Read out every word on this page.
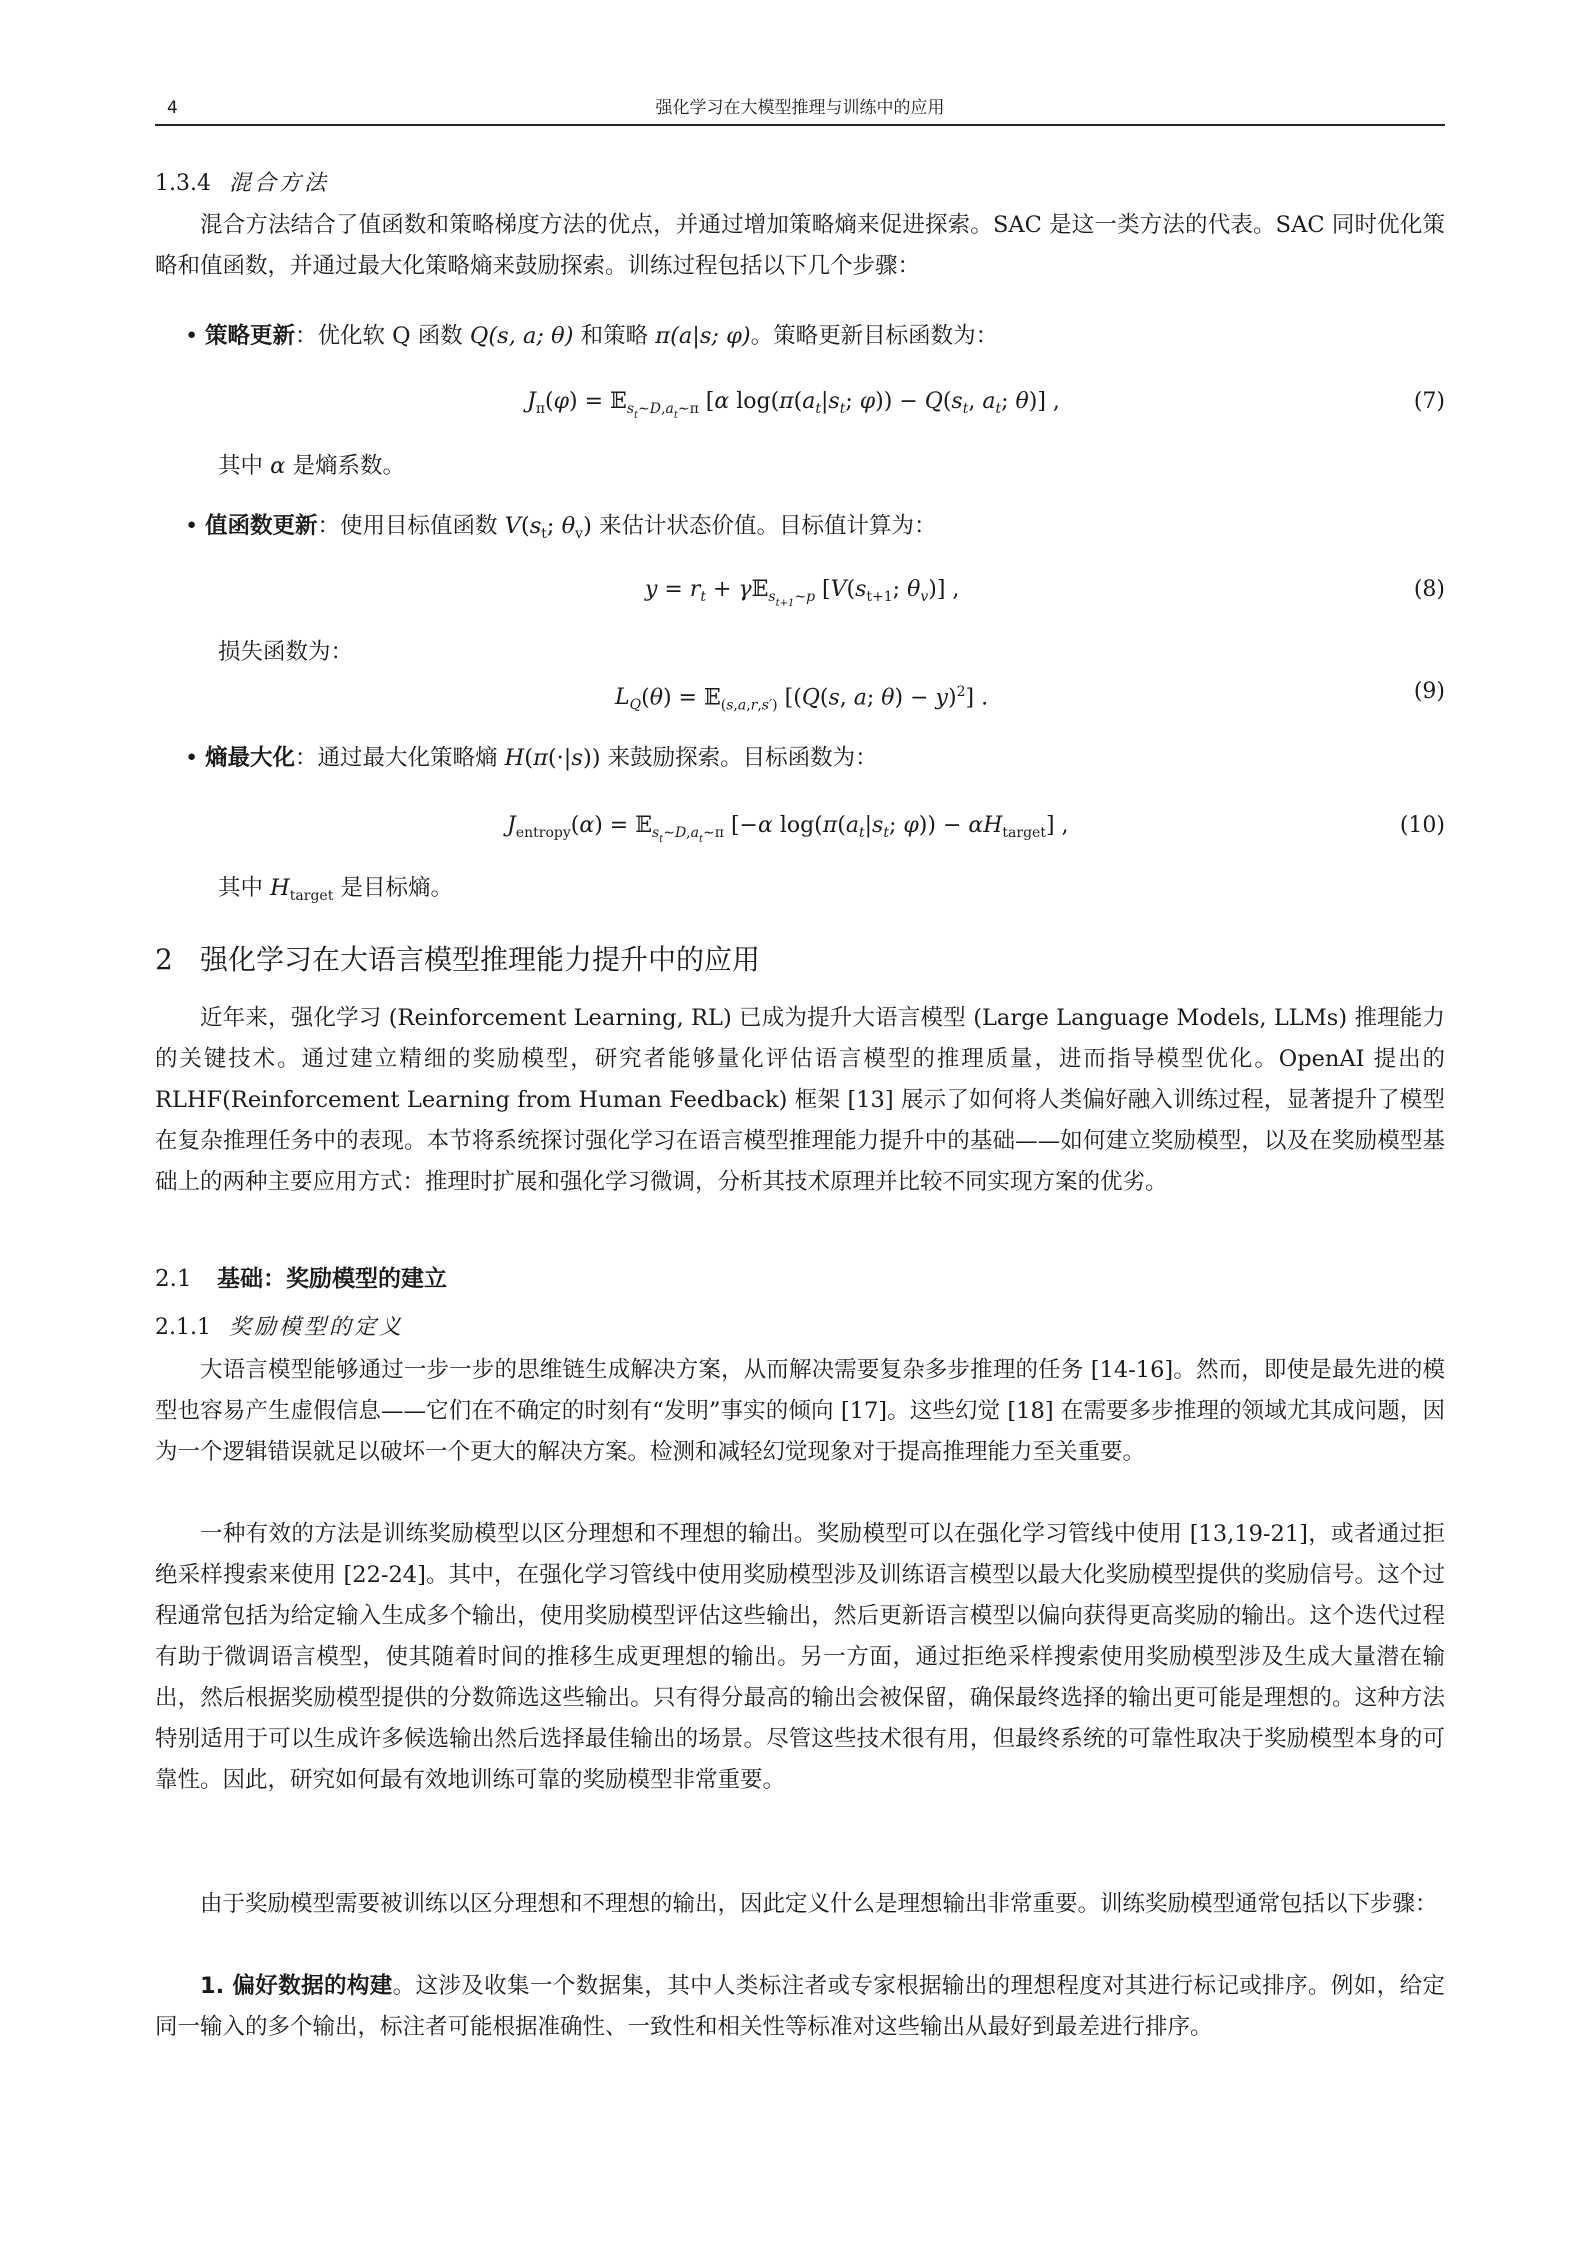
4	强化学习在大模型推理与训练中的应用
1.3.4 混合方法

混合方法结合了值函数和策略梯度方法的优点，并通过增加策略熵来促进探索。SAC 是这一类方法的代表。SAC 同时优化策略和值函数，并通过最大化策略熵来鼓励探索。训练过程包括以下几个步骤：

• 策略更新：优化软 Q 函数 Q(s, a; θ) 和策略 π(a|s; φ)。策略更新目标函数为：
$J_\pi(\varphi)$ = 𝔼$_{s_t\sim D,a_t\sim\pi}$ [α $\log(\pi(a_t|s_t$; $\varphi)) - Q(s_t$, $a_t$; θ)] ,	(7)
其中 α 是熵系数。
• 值函数更新：使用目标值函数 $V(s_t$; $\theta_v$) 来估计状态价值。目标值计算为：
$y = r_t$ + γ𝔼$_{s_{t+1}\sim p}$ [$V(s_{t+1}$; $\theta_v$)] ,	(8)
损失函数为：
$L_Q(\theta)$ = 𝔼$_{(s,a,r,s')}$ [(Q(s, a; θ) − y)$^2$] .	(9)
• 熵最大化：通过最大化策略熵 H(π(·|s)) 来鼓励探索。目标函数为：
$J_{entropy}(\alpha)$ = 𝔼$_{s_t\sim D,a_t\sim\pi}$ [−α $\log(\pi(a_t|s_t$; $\varphi)) - \alpha H_{target}$] ,	(10)
其中 $H_{target}$ 是目标熵。
2 强化学习在大语言模型推理能力提升中的应用

近年来，强化学习 (Reinforcement Learning, RL) 已成为提升大语言模型 (Large Language Models, LLMs) 推理能力的关键技术。通过建立精细的奖励模型，研究者能够量化评估语言模型的推理质量，进而指导模型优化。OpenAI 提出的 RLHF(Reinforcement Learning from Human Feedback) 框架 [13] 展示了如何将人类偏好融入训练过程，显著提升了模型在复杂推理任务中的表现。本节将系统探讨强化学习在语言模型推理能力提升中的基础——如何建立奖励模型，以及在奖励模型基础上的两种主要应用方式：推理时扩展和强化学习微调，分析其技术原理并比较不同实现方案的优劣。

2.1 基础：奖励模型的建立
2.1.1 奖励模型的定义

大语言模型能够通过一步一步的思维链生成解决方案，从而解决需要复杂多步推理的任务 [14-16]。然而，即使是最先进的模型也容易产生虚假信息——它们在不确定的时刻有“发明”事实的倾向 [17]。这些幻觉 [18] 在需要多步推理的领域尤其成问题，因为一个逻辑错误就足以破坏一个更大的解决方案。检测和减轻幻觉现象对于提高推理能力至关重要。

一种有效的方法是训练奖励模型以区分理想和不理想的输出。奖励模型可以在强化学习管线中使用 [13,19-21]，或者通过拒绝采样搜索来使用 [22-24]。其中，在强化学习管线中使用奖励模型涉及训练语言模型以最大化奖励模型提供的奖励信号。这个过程通常包括为给定输入生成多个输出，使用奖励模型评估这些输出，然后更新语言模型以偏向获得更高奖励的输出。这个迭代过程有助于微调语言模型，使其随着时间的推移生成更理想的输出。另一方面，通过拒绝采样搜索使用奖励模型涉及生成大量潜在输出，然后根据奖励模型提供的分数筛选这些输出。只有得分最高的输出会被保留，确保最终选择的输出更可能是理想的。这种方法特别适用于可以生成许多候选输出然后选择最佳输出的场景。尽管这些技术很有用，但最终系统的可靠性取决于奖励模型本身的可靠性。因此，研究如何最有效地训练可靠的奖励模型非常重要。

由于奖励模型需要被训练以区分理想和不理想的输出，因此定义什么是理想输出非常重要。训练奖励模型通常包括以下步骤：

1. 偏好数据的构建。这涉及收集一个数据集，其中人类标注者或专家根据输出的理想程度对其进行标记或排序。例如，给定同一输入的多个输出，标注者可能根据准确性、一致性和相关性等标准对这些输出从最好到最差进行排序。
